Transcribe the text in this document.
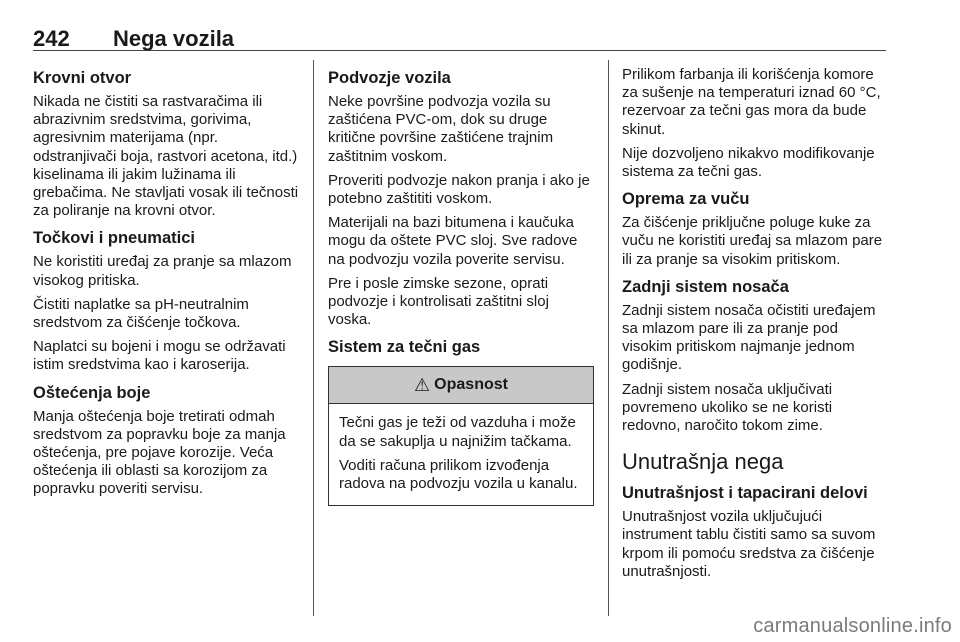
242 Nega vozila
Krovni otvor

Nikada ne čistiti sa rastvaračima ili abrazivnim sredstvima, gorivima, agresivnim materijama (npr. odstranjivači boja, rastvori acetona, itd.) kiselinama ili jakim lužinama ili grebačima. Ne stavljati vosak ili tečnosti za poliranje na krovni otvor.

Točkovi i pneumatici

Ne koristiti uređaj za pranje sa mlazom visokog pritiska.

Čistiti naplatke sa pH-neutralnim sredstvom za čišćenje točkova.

Naplatci su bojeni i mogu se održavati istim sredstvima kao i karoserija.

Oštećenja boje

Manja oštećenja boje tretirati odmah sredstvom za popravku boje za manja oštećenja, pre pojave korozije. Veća oštećenja ili oblasti sa korozijom za popravku poveriti servisu.

Podvozje vozila

Neke površine podvozja vozila su zaštićena PVC-om, dok su druge kritične površine zaštićene trajnim zaštitnim voskom.

Proveriti podvozje nakon pranja i ako je potebno zaštititi voskom.

Materijali na bazi bitumena i kaučuka mogu da oštete PVC sloj. Sve radove na podvozju vozila poverite servisu.

Pre i posle zimske sezone, oprati podvozje i kontrolisati zaštitni sloj voska.

Sistem za tečni gas
⚠ Opasnost

Tečni gas je teži od vazduha i može da se sakuplja u najnižim tačkama.

Voditi računa prilikom izvođenja radova na podvozju vozila u kanalu.

Prilikom farbanja ili korišćenja komore za sušenje na temperaturi iznad 60 °C, rezervoar za tečni gas mora da bude skinut.

Nije dozvoljeno nikakvo modifikovanje sistema za tečni gas.

Oprema za vuču

Za čišćenje priključne poluge kuke za vuču ne koristiti uređaj sa mlazom pare ili za pranje sa visokim pritiskom.

Zadnji sistem nosača

Zadnji sistem nosača očistiti uređajem sa mlazom pare ili za pranje pod visokim pritiskom najmanje jednom godišnje.

Zadnji sistem nosača uključivati povremeno ukoliko se ne koristi redovno, naročito tokom zime.

Unutrašnja nega
Unutrašnjost i tapacirani delovi

Unutrašnjost vozila uključujući instrument tablu čistiti samo sa suvom krpom ili pomoću sredstva za čišćenje unutrašnjosti.

carmanualsonline.info
